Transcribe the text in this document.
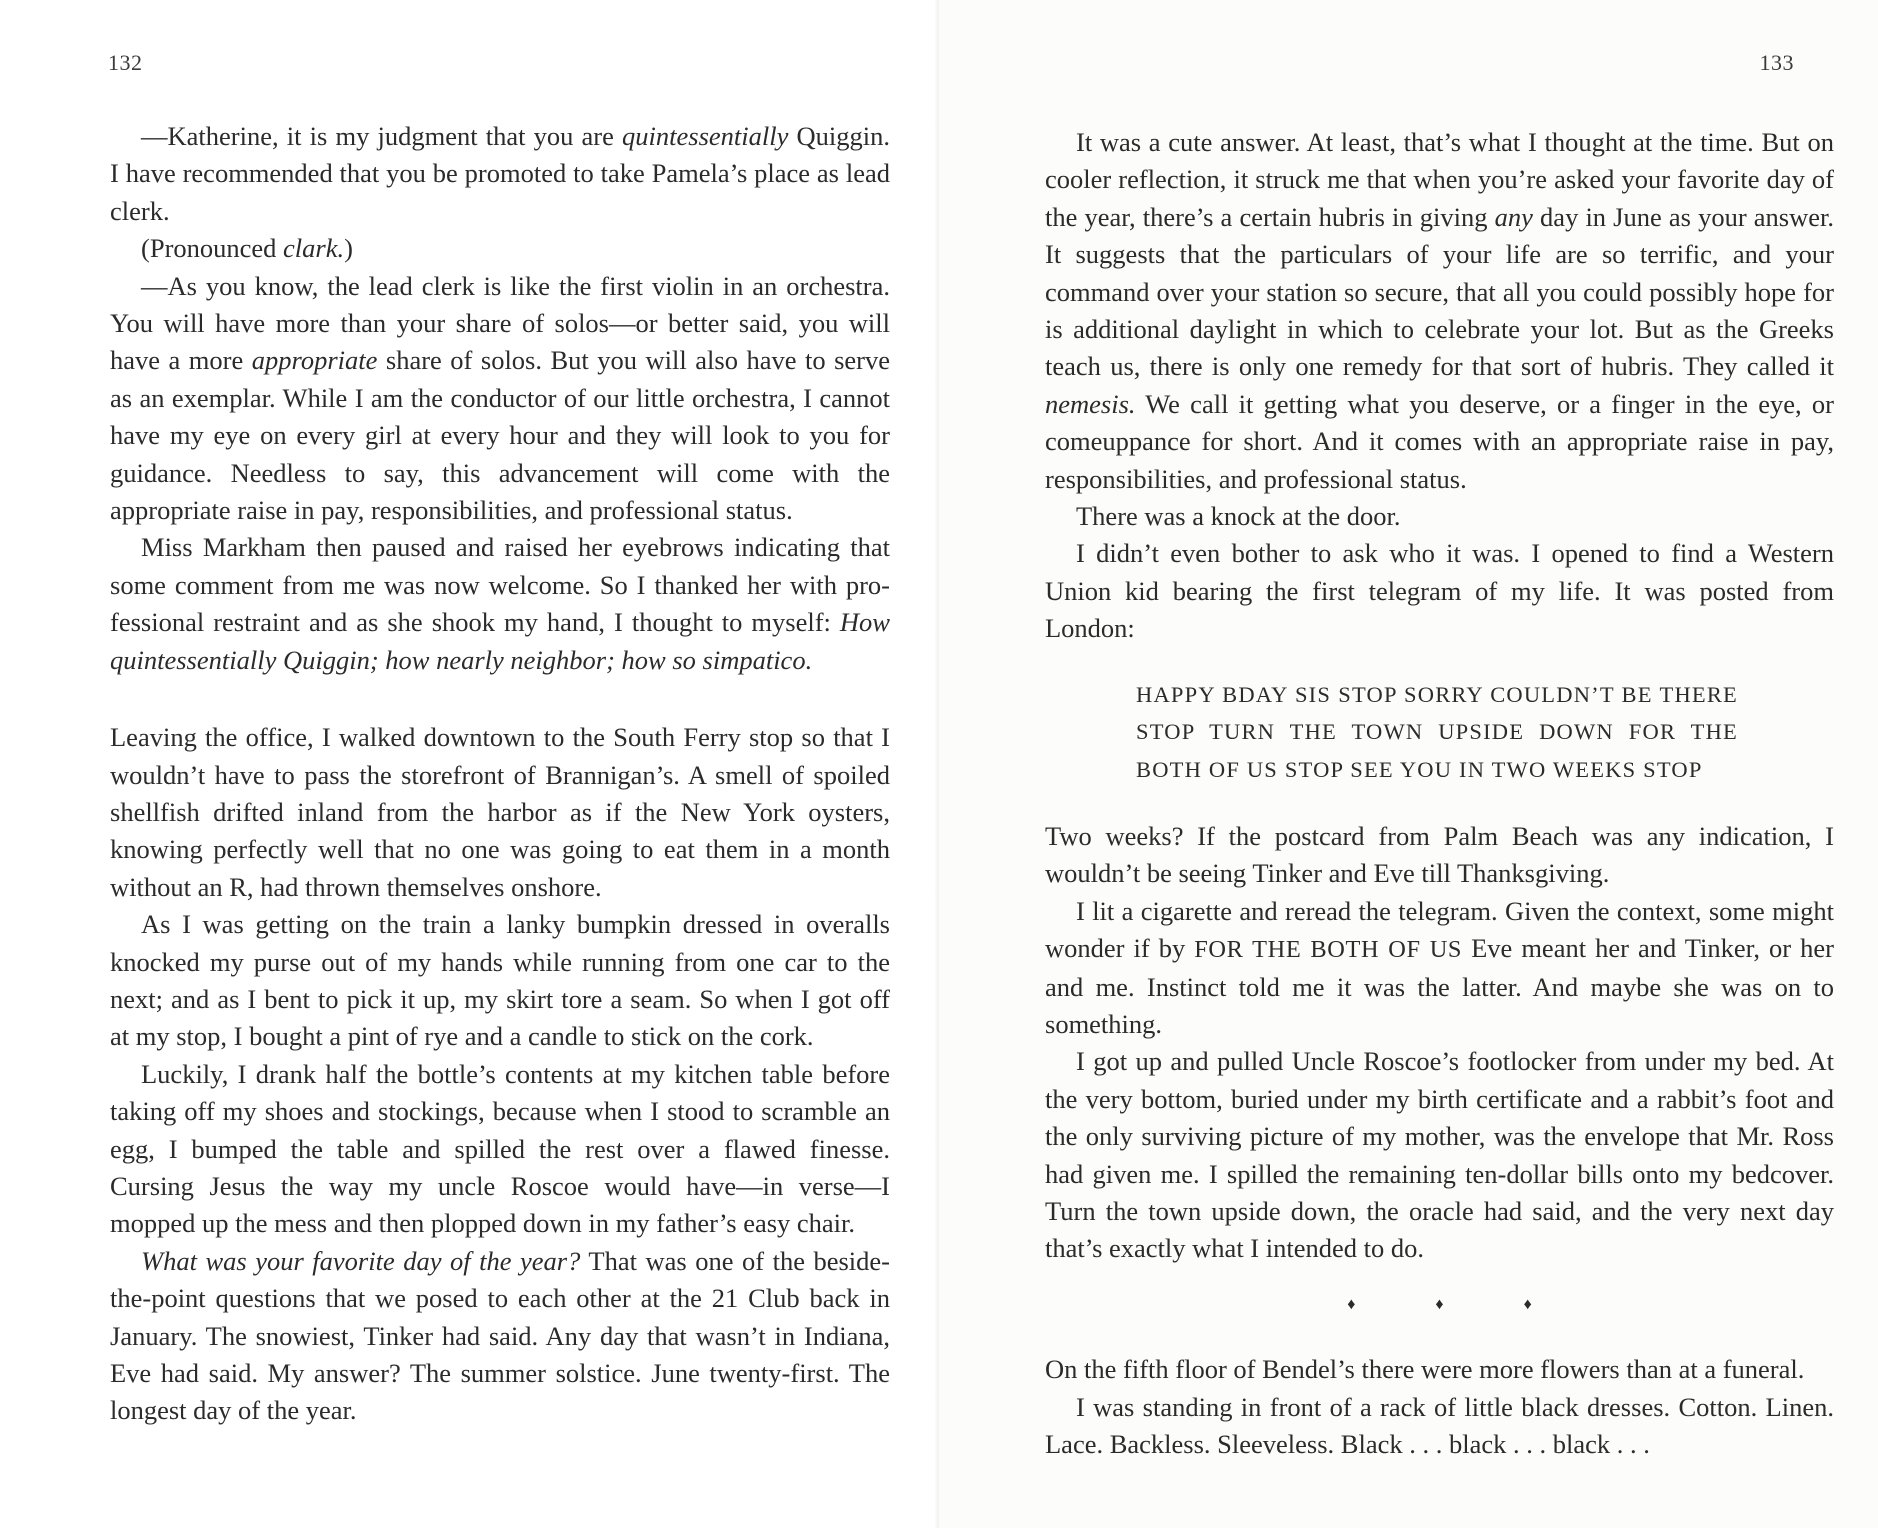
132

—Katherine, it is my judgment that you are quintessentially Quiggin. I have recommended that you be promoted to take Pamela’s place as lead clerk.

(Pronounced clark.)

—As you know, the lead clerk is like the first violin in an orchestra. You will have more than your share of solos—or better said, you will have a more appropriate share of solos. But you will also have to serve as an exemplar. While I am the conductor of our little orchestra, I cannot have my eye on every girl at every hour and they will look to you for guidance. Needless to say, this advancement will come with the appropriate raise in pay, responsibilities, and professional status.

Miss Markham then paused and raised her eyebrows indicating that some comment from me was now welcome. So I thanked her with professional restraint and as she shook my hand, I thought to myself: How quintessentially Quiggin; how nearly neighbor; how so simpatico.

Leaving the office, I walked downtown to the South Ferry stop so that I wouldn’t have to pass the storefront of Brannigan’s. A smell of spoiled shellfish drifted inland from the harbor as if the New York oysters, knowing perfectly well that no one was going to eat them in a month without an R, had thrown themselves onshore.

As I was getting on the train a lanky bumpkin dressed in overalls knocked my purse out of my hands while running from one car to the next; and as I bent to pick it up, my skirt tore a seam. So when I got off at my stop, I bought a pint of rye and a candle to stick on the cork.

Luckily, I drank half the bottle’s contents at my kitchen table before taking off my shoes and stockings, because when I stood to scramble an egg, I bumped the table and spilled the rest over a flawed finesse. Cursing Jesus the way my uncle Roscoe would have—in verse—I mopped up the mess and then plopped down in my father’s easy chair.

What was your favorite day of the year? That was one of the beside-the-point questions that we posed to each other at the 21 Club back in January. The snowiest, Tinker had said. Any day that wasn’t in Indiana, Eve had said. My answer? The summer solstice. June twenty-first. The longest day of the year.

133

It was a cute answer. At least, that’s what I thought at the time. But on cooler reflection, it struck me that when you’re asked your favorite day of the year, there’s a certain hubris in giving any day in June as your answer. It suggests that the particulars of your life are so terrific, and your command over your station so secure, that all you could possibly hope for is additional daylight in which to celebrate your lot. But as the Greeks teach us, there is only one remedy for that sort of hubris. They called it nemesis. We call it getting what you deserve, or a finger in the eye, or comeuppance for short. And it comes with an appropriate raise in pay, responsibilities, and professional status.

There was a knock at the door.

I didn’t even bother to ask who it was. I opened to find a Western Union kid bearing the first telegram of my life. It was posted from London:

HAPPY BDAY SIS STOP SORRY COULDN’T BE THERE STOP TURN THE TOWN UPSIDE DOWN FOR THE BOTH OF US STOP SEE YOU IN TWO WEEKS STOP

Two weeks? If the postcard from Palm Beach was any indication, I wouldn’t be seeing Tinker and Eve till Thanksgiving.

I lit a cigarette and reread the telegram. Given the context, some might wonder if by FOR THE BOTH OF US Eve meant her and Tinker, or her and me. Instinct told me it was the latter. And maybe she was on to something.

I got up and pulled Uncle Roscoe’s footlocker from under my bed. At the very bottom, buried under my birth certificate and a rabbit’s foot and the only surviving picture of my mother, was the envelope that Mr. Ross had given me. I spilled the remaining ten-dollar bills onto my bedcover. Turn the town upside down, the oracle had said, and the very next day that’s exactly what I intended to do.

♦ ♦ ♦

On the fifth floor of Bendel’s there were more flowers than at a funeral.

I was standing in front of a rack of little black dresses. Cotton. Linen. Lace. Backless. Sleeveless. Black . . . black . . . black . . .
